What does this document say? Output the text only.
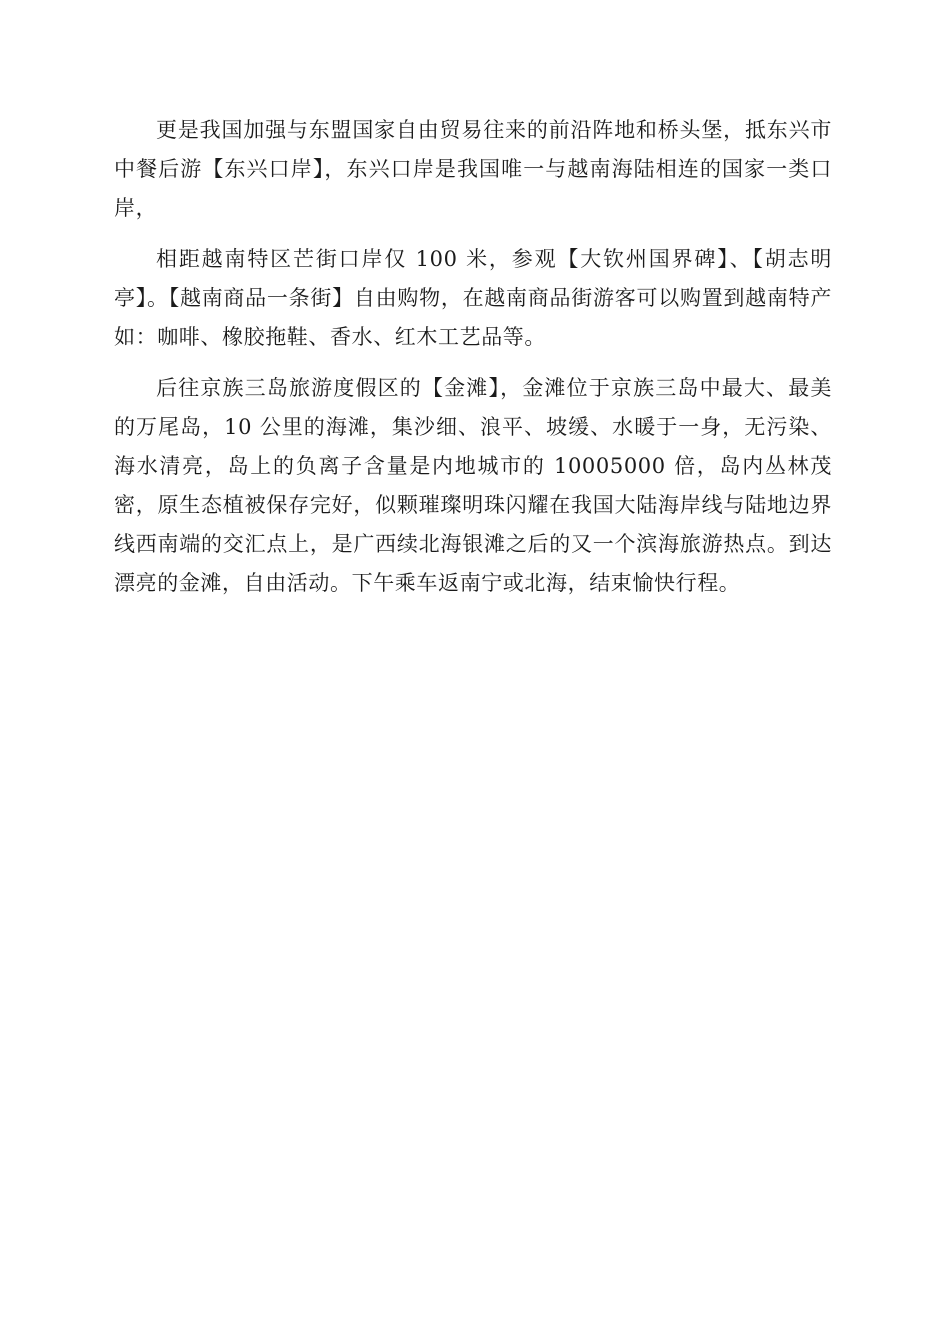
更是我国加强与东盟国家自由贸易往来的前沿阵地和桥头堡，抵东兴市中餐后游【东兴口岸】，东兴口岸是我国唯一与越南海陆相连的国家一类口岸，

相距越南特区芒街口岸仅 100 米，参观【大钦州国界碑】、【胡志明亭】。【越南商品一条街】自由购物，在越南商品街游客可以购置到越南特产如：咖啡、橡胶拖鞋、香水、红木工艺品等。

后往京族三岛旅游度假区的【金滩】，金滩位于京族三岛中最大、最美的万尾岛，10 公里的海滩，集沙细、浪平、坡缓、水暖于一身，无污染、海水清亮，岛上的负离子含量是内地城市的 10005000 倍，岛内丛林茂密，原生态植被保存完好，似颗璀璨明珠闪耀在我国大陆海岸线与陆地边界线西南端的交汇点上，是广西续北海银滩之后的又一个滨海旅游热点。到达漂亮的金滩，自由活动。下午乘车返南宁或北海，结束愉快行程。
